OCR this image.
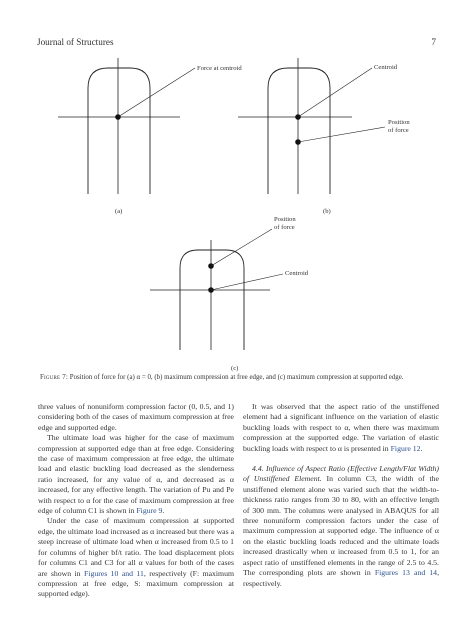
Journal of Structures	7
Force at centroid
(a)
Centroid
Position
of force
(b)
Position
of force
Centroid
(c)
Figure 7: Position of force for (a) α = 0, (b) maximum compression at free edge, and (c) maximum compression at supported edge.

three values of nonuniform compression factor (0, 0.5, and 1) considering both of the cases of maximum compression at free edge and supported edge.

The ultimate load was higher for the case of maximum compression at supported edge than at free edge. Considering the case of maximum compression at free edge, the ultimate load and elastic buckling load decreased as the slenderness ratio increased, for any value of α, and decreased as α increased, for any effective length. The variation of Pu and Pe with respect to α for the case of maximum compression at free edge of column C1 is shown in Figure 9.

Under the case of maximum compression at supported edge, the ultimate load increased as α increased but there was a steep increase of ultimate load when α increased from 0.5 to 1 for columns of higher bf/t ratio. The load displacement plots for columns C1 and C3 for all α values for both of the cases are shown in Figures 10 and 11, respectively (F: maximum compression at free edge, S: maximum compression at supported edge).

It was observed that the aspect ratio of the unstiffened element had a significant influence on the variation of elastic buckling loads with respect to α, when there was maximum compression at the supported edge. The variation of elastic buckling loads with respect to α is presented in Figure 12.

4.4. Influence of Aspect Ratio (Effective Length/Flat Width) of Unstiffened Element. In column C3, the width of the unstiffened element alone was varied such that the width-to-thickness ratio ranges from 30 to 80, with an effective length of 300 mm. The columns were analysed in ABAQUS for all three nonuniform compression factors under the case of maximum compression at supported edge. The influence of α on the elastic buckling loads reduced and the ultimate loads increased drastically when α increased from 0.5 to 1, for an aspect ratio of unstiffened elements in the range of 2.5 to 4.5. The corresponding plots are shown in Figures 13 and 14, respectively.
